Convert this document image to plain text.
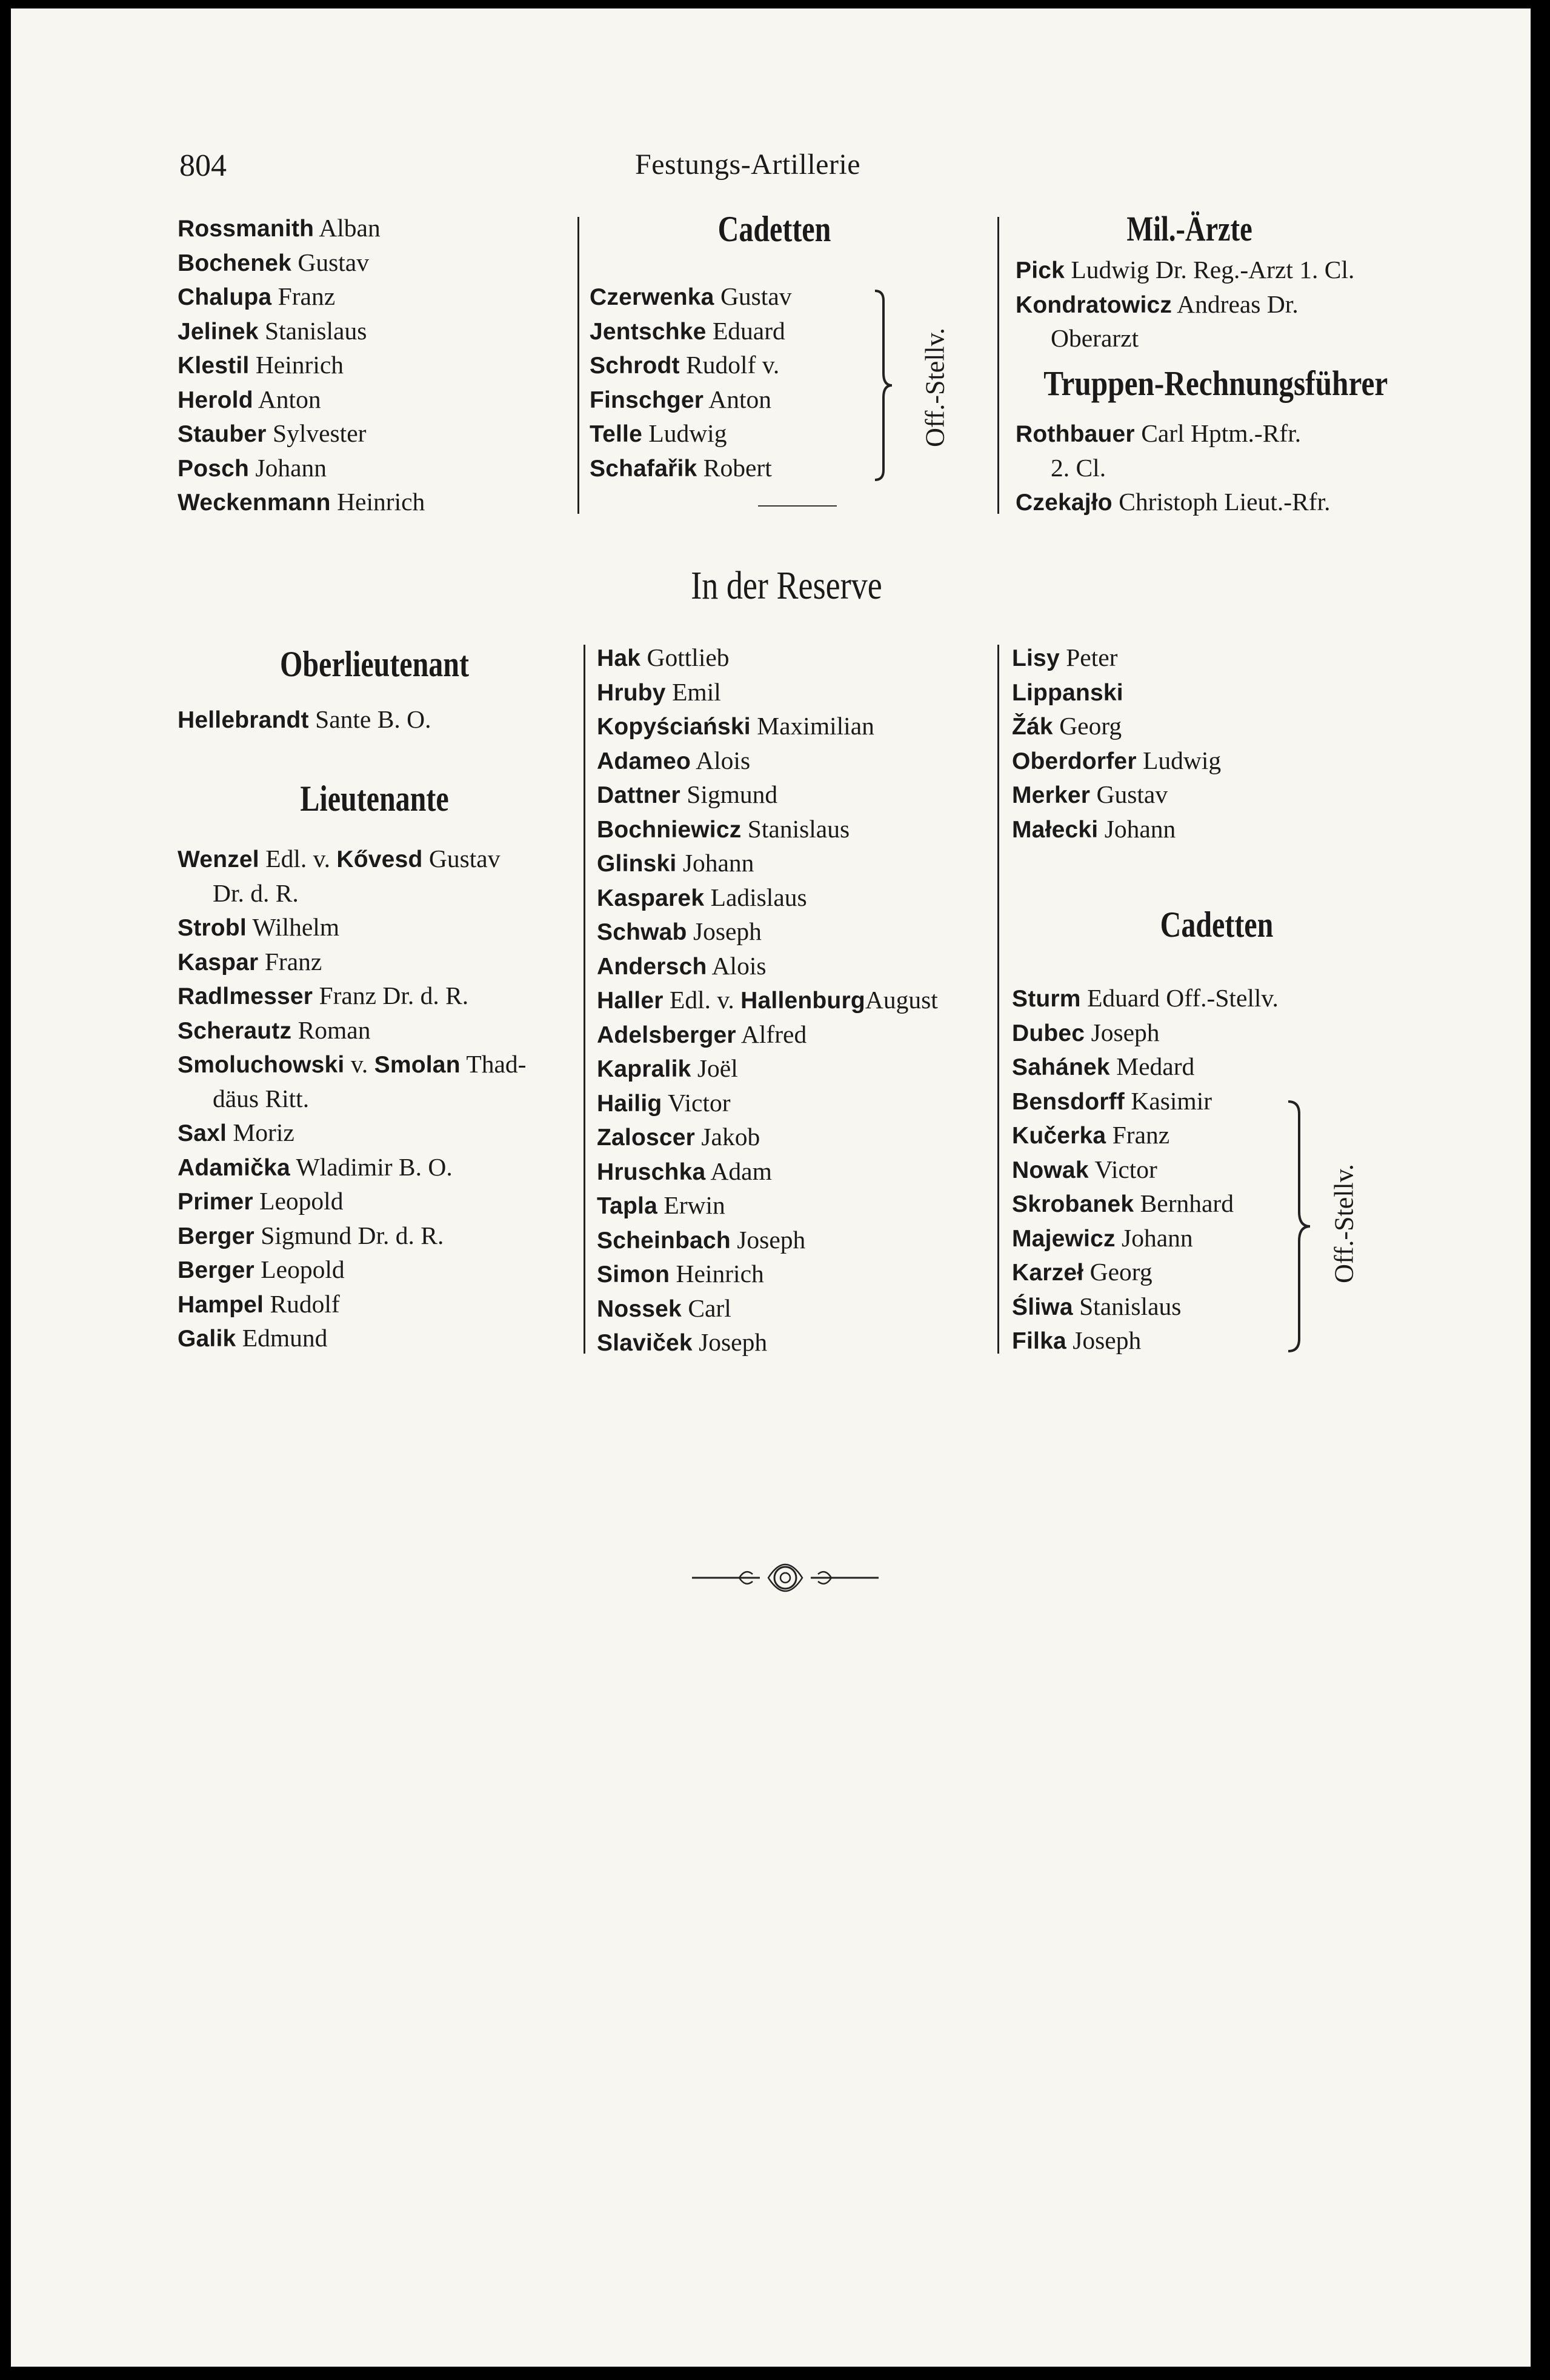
804	Festungs-Artillerie
Rossmanith Alban
Bochenek Gustav
Chalupa Franz
Jelinek Stanislaus
Klestil Heinrich
Herold Anton
Stauber Sylvester
Posch Johann
Weckenmann Heinrich
Cadetten
Czerwenka Gustav
Jentschke Eduard
Schrodt Rudolf v.
Finschger Anton
Telle Ludwig
Schafařik Robert
Off.-Stellv.
Mil.-Ärzte
Pick Ludwig Dr. Reg.-Arzt 1. Cl.
Kondratowicz Andreas Dr.
Oberarzt
Truppen-Rechnungsführer
Rothbauer Carl Hptm.-Rfr.
2. Cl.
Czekajło Christoph Lieut.-Rfr.
In der Reserve
Oberlieutenant
Hellebrandt Sante B. O.
Lieutenante
Wenzel Edl. v. Kővesd Gustav
Dr. d. R.
Strobl Wilhelm
Kaspar Franz
Radlmesser Franz Dr. d. R.
Scherautz Roman
Smoluchowski v. Smolan Thad-
däus Ritt.
Saxl Moriz
Adamička Wladimir B. O.
Primer Leopold
Berger Sigmund Dr. d. R.
Berger Leopold
Hampel Rudolf
Galik Edmund
Hak Gottlieb
Hruby Emil
Kopyściański Maximilian
Adameo Alois
Dattner Sigmund
Bochniewicz Stanislaus
Glinski Johann
Kasparek Ladislaus
Schwab Joseph
Andersch Alois
Haller Edl. v. HallenburgAugust
Adelsberger Alfred
Kapralik Joël
Hailig Victor
Zaloscer Jakob
Hruschka Adam
Tapla Erwin
Scheinbach Joseph
Simon Heinrich
Nossek Carl
Slaviček Joseph
Lisy Peter
Lippanski
Žák Georg
Oberdorfer Ludwig
Merker Gustav
Małecki Johann
Cadetten
Sturm Eduard Off.-Stellv.
Dubec Joseph
Sahánek Medard
Bensdorff Kasimir
Kučerka Franz
Nowak Victor
Skrobanek Bernhard
Majewicz Johann
Karzeł Georg
Śliwa Stanislaus
Filka Joseph
Off.-Stellv.
